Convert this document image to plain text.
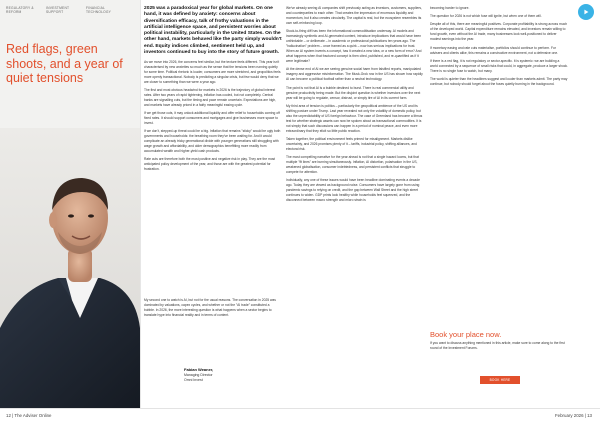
REGULATORY & REFORM
INVESTMENT SUPPORT
FINANCIAL TECHNOLOGY
Red flags, green shoots, and a year of quiet tensions

2025 was a paradoxical year for global markets. On one hand, it was defined by anxiety: concerns about diversification efficacy, talk of frothy valuations in the artificial intelligence space, and persistent worries about political instability, particularly in the United States. On the other hand, markets behaved like the party simply wouldn't end. Equity indices climbed, sentiment held up, and investors continued to buy into the story of future growth.

As we move into 2026, the concerns feel similar, but the texture feels different. This year isn't characterised by new anxieties so much as the sense that the tensions been running quietly for some time. Political rhetoric is louder, consumers are more stretched, and geopolitics feels more openly transactional. Nobody is predicting a singular crisis, but few would deny that we are closer to something than we were a year ago.

The first and most obvious headwind for markets in 2026 is the trajectory of global interest rates. After two years of rapid tightening, inflation has cooled, but not completely. Central banks are signalling cuts, but the timing and pace remain uncertain. Expectations are high, and markets have already priced in a fairly meaningful easing cycle.

If we get those cuts, it may unlock additional liquidity and offer relief to households coming off fixed rates. It should support consumers and mortgages and give businesses more space to invest.

If we don't, stepped-up threat could be a big. Inflation that remains "sticky" would be ugly both governments and households: the breathing room they've been waiting for. And it would complicate an already tricky generational divide with younger generations still struggling with wage growth and affordability, and older demographics benefitting more readily from accumulated wealth and higher-yield cash products.

Rate cuts are therefore both the most positive and negative risk in play. They are the most anticipated policy development of the year, and those are with the greatest potential for frustration.

My second one to watch is AI, but not for the usual reasons. The conversation in 2025 was dominated by valuations, capex cycles, and whether or not the "AI trade" constituted a bubble. In 2026, the more interesting question is what happens when a sector begins to translate hype into financial reality and in terms of content.

Fabian Weaner,
Managing Director
Omni Invest

We've already seeing AI companies shift previously acting as investors, customers, suppliers, and counterparties to each other. That creates the impression of enormous liquidity and momentum, but it also creates circularity. The capital is real, but the ecosystem resembles its own self-reinforcing loop.

Stock-to-firing diff has been the informational commoditisation underway. AI models and increasingly synthetic and AI-generated content, introduce implications that would have been unthinkable – or deliberate – in academic or professional publications ten years ago. The "hallucination" problem – once framed as a quirk – now has serious implications for trust. When an AI system invents a concept, has it created a new idea, or a new form of error? And what happens when that fractured concept is then cited, published, and re-quantified as if it were legitimate?

At the dense end of AI we are seeing genuine social harm from falsified reports, manipulated imagery and aggressive misinformation. The Musk-Grok row in the US has shown how rapidly AI can become a political football rather than a neutral technology.

The point is not that AI is a bubble destined to burst. There is real commercial utility and genuine productivity being made. But the disjoint question is whether investors over the next year will be going to regulate, censor, distrust, or simply tire of AI in its current form.

My third area of tension is politics – particularly the geopolitical ambience of the US and its shifting posture under Trump. Last year revealed not only the volatility of domestic policy, but also the unpredictability of US foreign behaviour. The case of Greenland has become a litmus test for whether strategic assets can now be spoken about as transactional commodities. It is not simply that such discussions can happen in a period of nominal peace, and even more extraordinary that they elicit so little public reaction.

Taken together, the political environment feels primed for misalignment. Markets dislike uncertainty, and 2026 promises plenty of it – tariffs, industrial policy, shifting alliances, and electoral risk.

The most compelling narrative for the year ahead is not that a single hazard looms, but that multiple "fit lines" are burning simultaneously. Inflation, AI distortion, polarisation in the US, weakened globalisation, consumer indebtedness, and persistent conflicts that struggle to compete for attention.

Individually, any one of these issues would have been headline dominating events a decade ago. Today they are viewed as background noise. Consumers have largely gone from using pandemic savings to relying on credit, and the gap between Wall Street and the high street continues to widen. GDP prints look healthy while households feel squeezed, and the disconnect between macro strength and micro strain is

becoming harder to ignore.

The question for 2026 is not which fuse will ignite, but when one of them will.

Despite all of this, there are meaningful positives. Corporate profitability is strong across much of the developed world. Capital expenditure remains elevated, and investors remain willing to fund growth, even without the AI trade, many businesses look well-positioned to deliver modest earnings into the year.

If monetary easing and rate cuts materialise, portfolios should continue to perform. For advisers and clients alike, this remains a constructive environment, not a defensive one.

If there is a red flag, it is not regulatory or sector-specific. It is systemic: we are building a world connected by a sequence of small risks that could, in aggregate, produce a larger shock. There is no single fuse to watch, but many.

The world is quieter than the headlines suggest and louder than markets admit. The party may continue, but nobody should forget about the fuses quietly burning in the background.

Book your place now.

If you want to discuss anything mentioned in this article, make sure to come along to the first round of the Investment Forums.

BOOK HERE
12 | The Adviser Online	February 2026 | 13
